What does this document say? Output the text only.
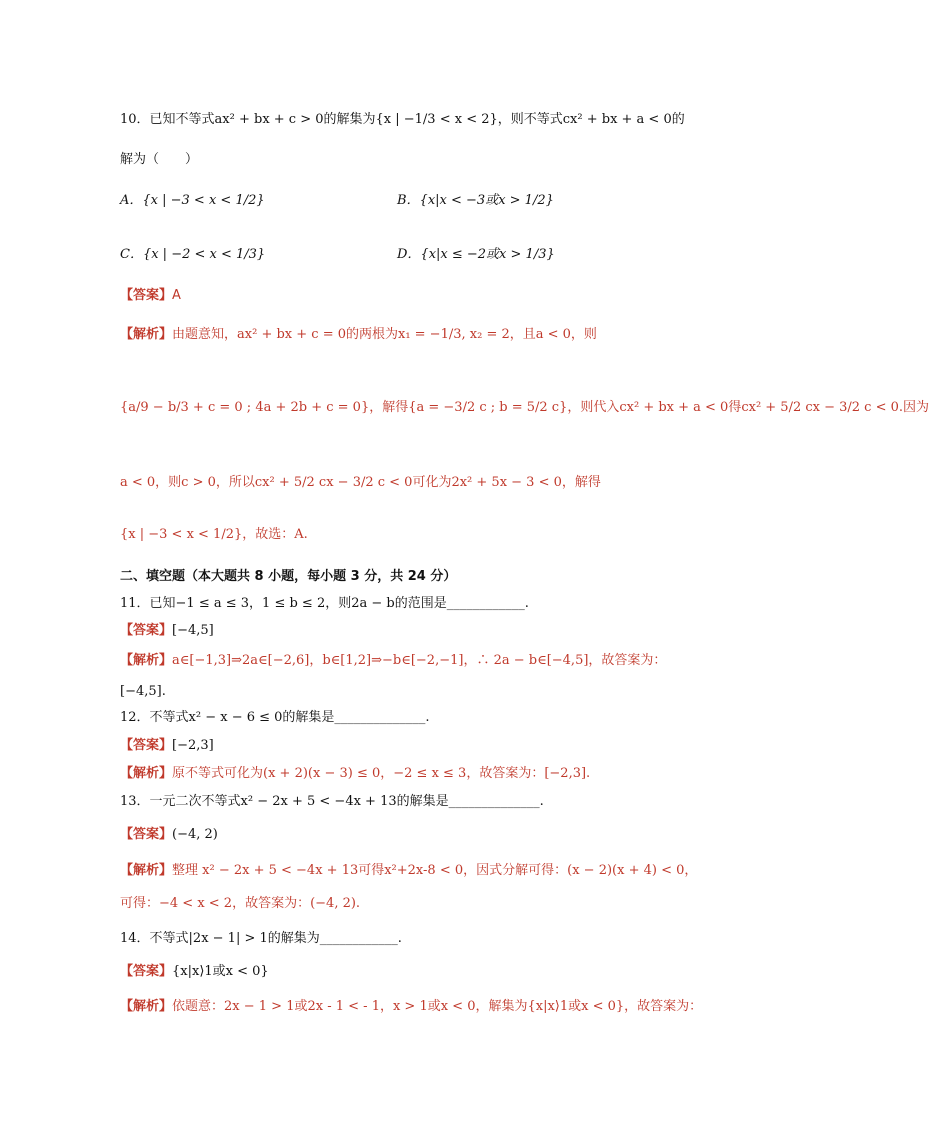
10．已知不等式ax² + bx + c > 0的解集为{x | −1/3 < x < 2}，则不等式cx² + bx + a < 0的
解为（　　）
A．{x | −3 < x < 1/2}	B．{x|x < −3或x > 1/2}
C．{x | −2 < x < 1/3}	D．{x|x ≤ −2或x > 1/3}
【答案】A
【解析】由题意知，ax² + bx + c = 0的两根为x₁ = −1/3, x₂ = 2，且a < 0，则
{a/9 − b/3 + c = 0 ; 4a + 2b + c = 0}，解得{a = −3/2 c ; b = 5/2 c}，则代入cx² + bx + a < 0得cx² + 5/2 cx − 3/2 c < 0.因为
a < 0，则c > 0，所以cx² + 5/2 cx − 3/2 c < 0可化为2x² + 5x − 3 < 0，解得
{x | −3 < x < 1/2}，故选：A.
二、填空题（本大题共 8 小题，每小题 3 分，共 24 分）
11．已知−1 ≤ a ≤ 3，1 ≤ b ≤ 2，则2a − b的范围是____________.
【答案】[−4,5]
【解析】a∈[−1,3]⇒2a∈[−2,6]，b∈[1,2]⇒−b∈[−2,−1]，∴ 2a − b∈[−4,5]，故答案为：
[−4,5].
12．不等式x² − x − 6 ≤ 0的解集是______________.
【答案】[−2,3]
【解析】原不等式可化为(x + 2)(x − 3) ≤ 0，−2 ≤ x ≤ 3，故答案为：[−2,3].
13．一元二次不等式x² − 2x + 5 < −4x + 13的解集是______________.
【答案】(−4, 2)
【解析】整理 x² − 2x + 5 < −4x + 13可得x²+2x-8 < 0，因式分解可得：(x − 2)(x + 4) < 0，
可得：−4 < x < 2，故答案为：(−4, 2).
14．不等式|2x − 1| > 1的解集为____________.
【答案】{x|x⟩1或x < 0}
【解析】依题意：2x − 1 > 1或2x - 1 < - 1，x > 1或x < 0，解集为{x|x⟩1或x < 0}，故答案为：
